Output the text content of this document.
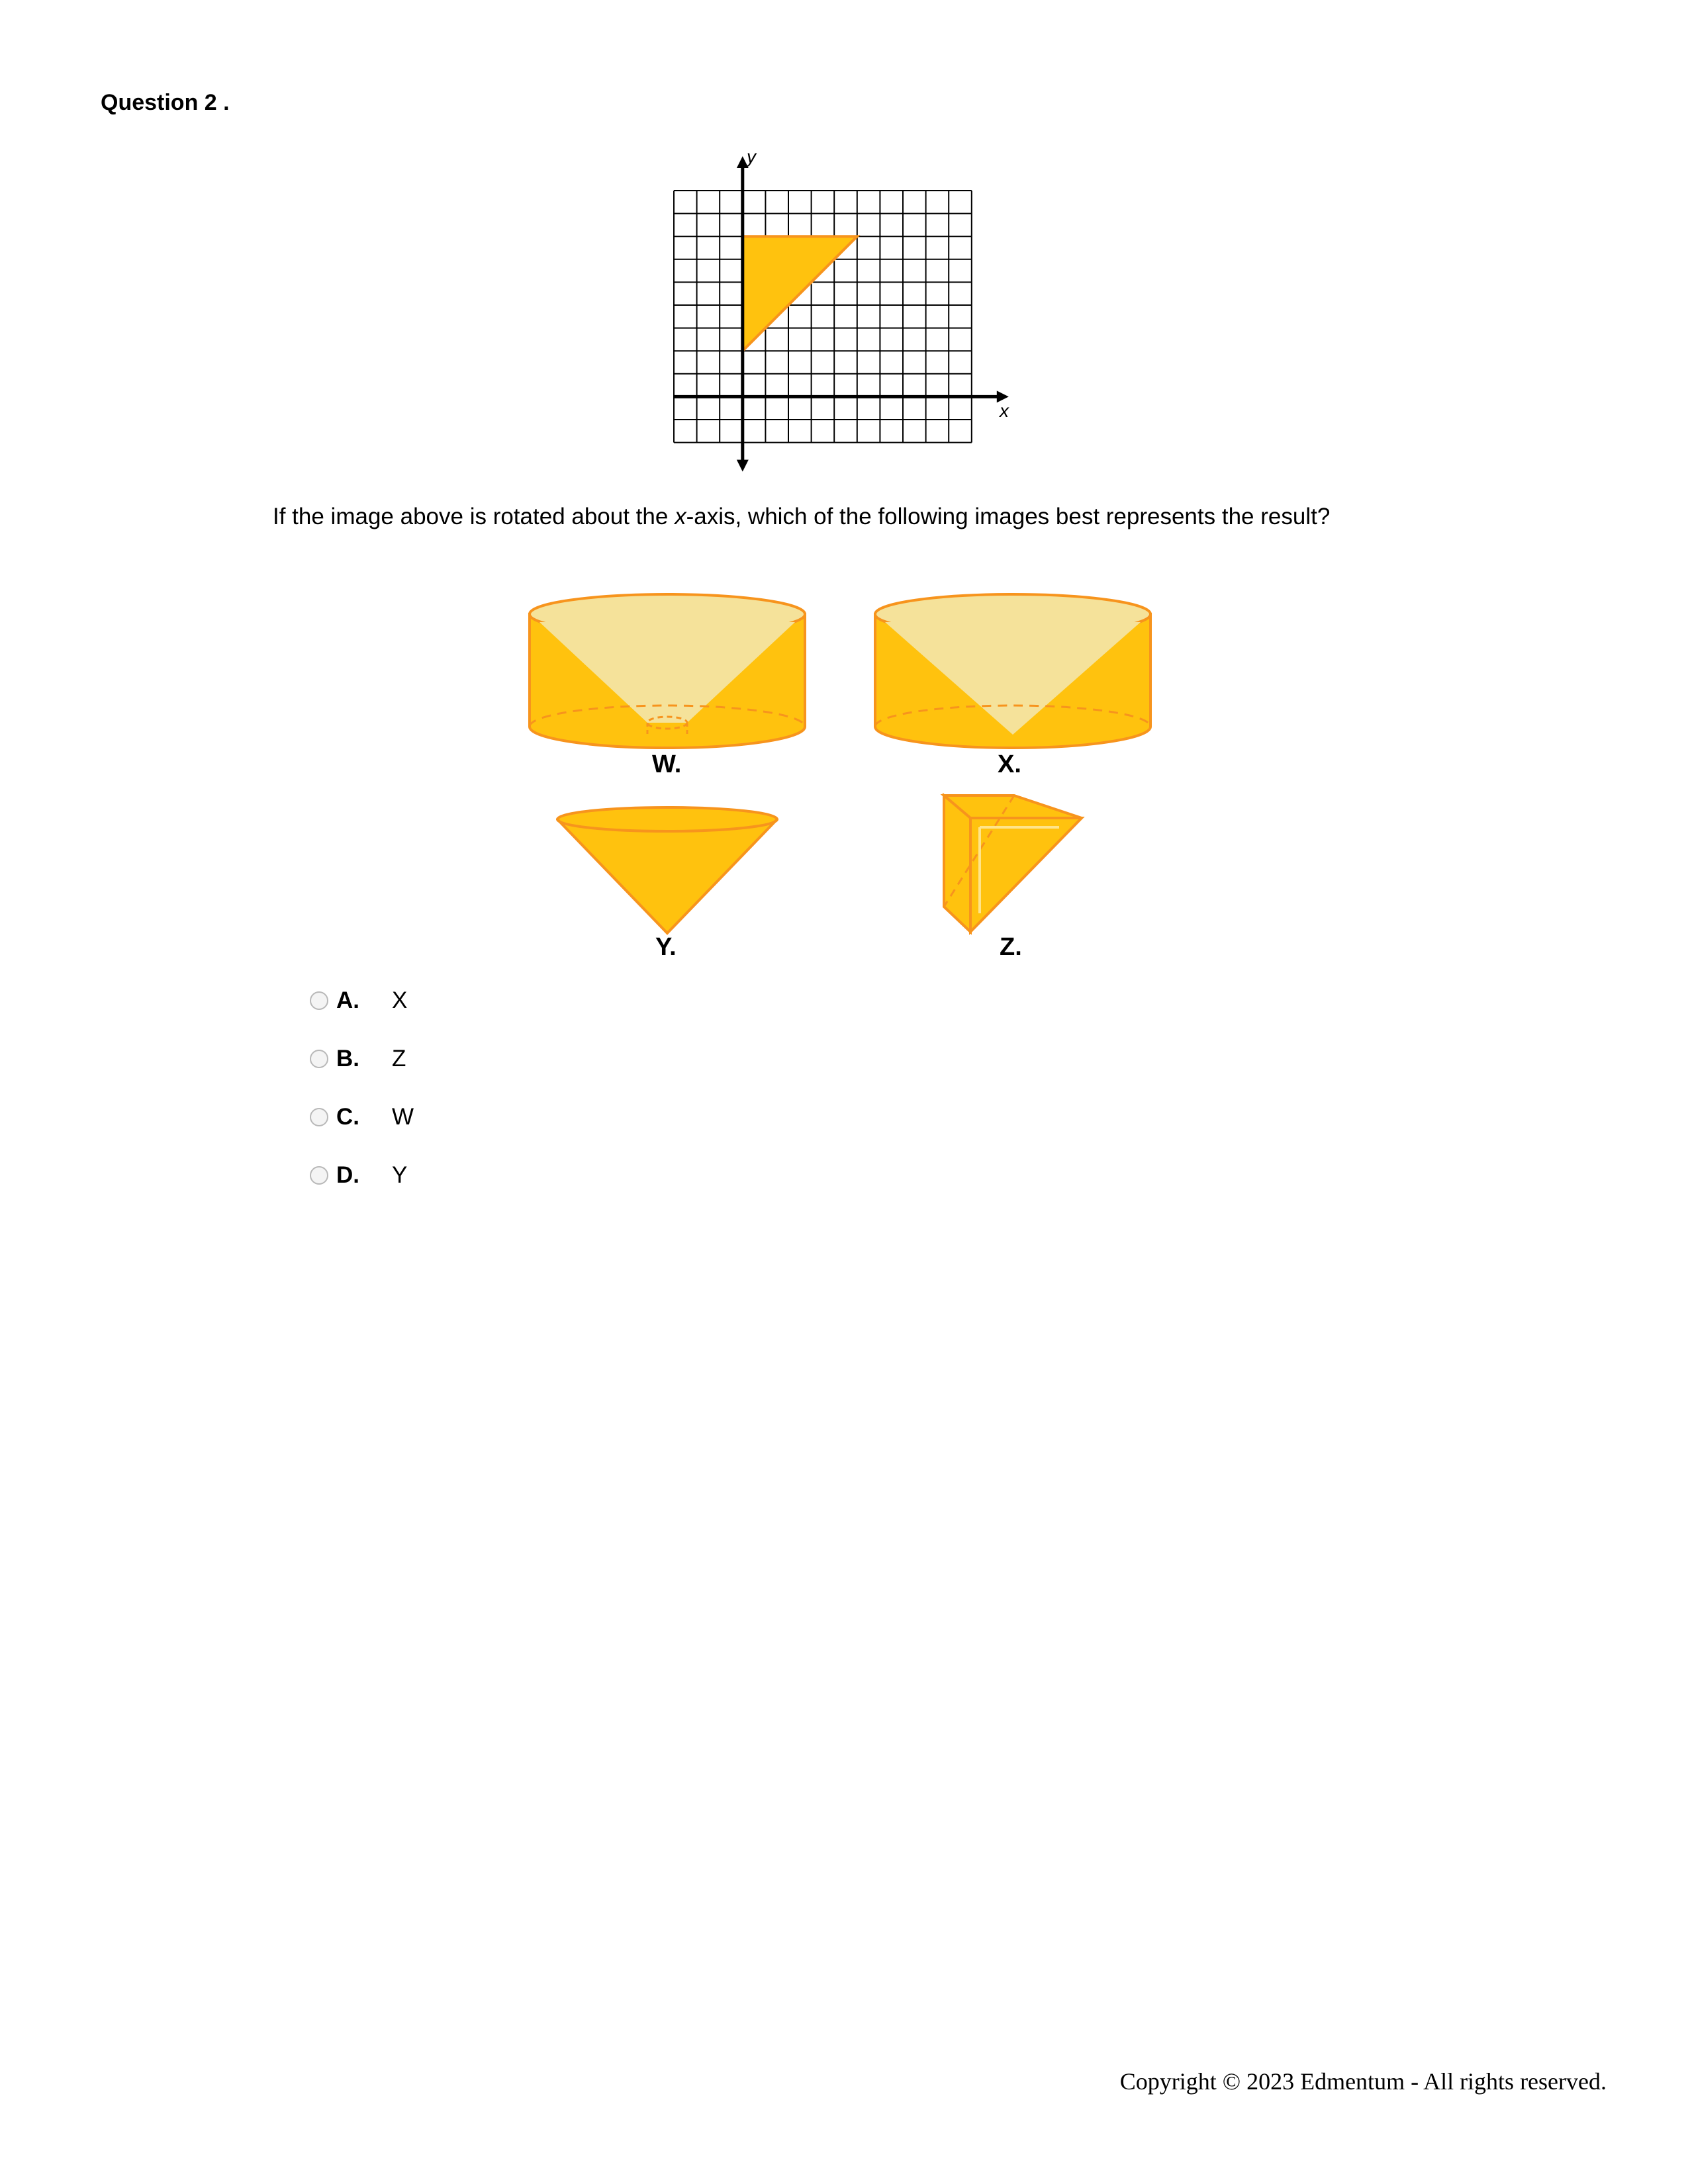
Question 2 .
x
y
If the image above is rotated about the x-axis, which of the following images best represents the result?
W.	X.
Y.	Z.
A.	X
B.	Z
C.	W
D.	Y
Copyright © 2023 Edmentum - All rights reserved.
